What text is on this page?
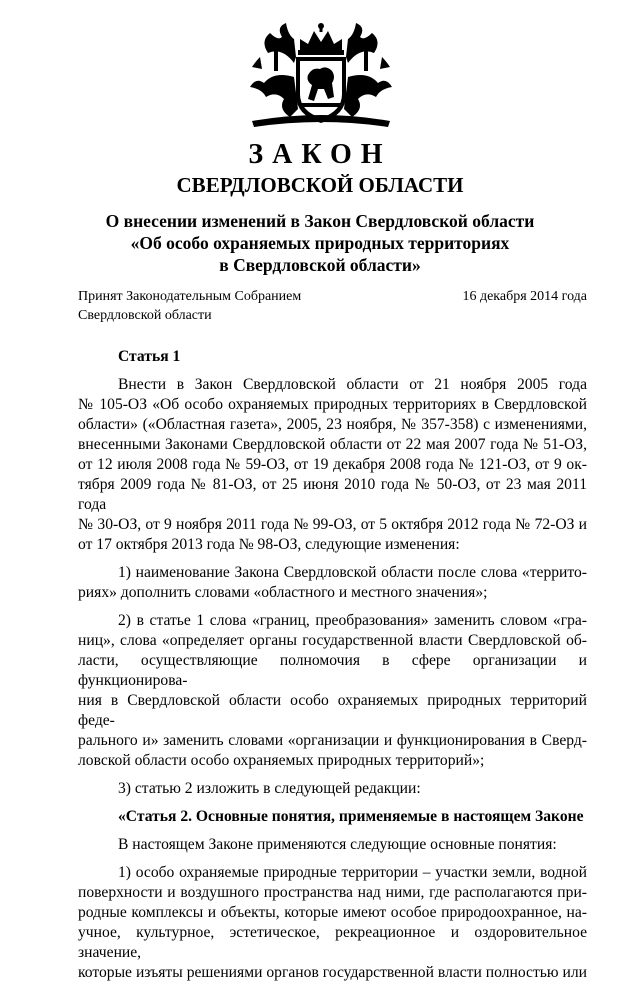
ЗАКОН
СВЕРДЛОВСКОЙ ОБЛАСТИ
О внесении изменений в Закон Свердловской области
«Об особо охраняемых природных территориях
в Свердловской области»
Принят Законодательным Собранием
Свердловской области
16 декабря 2014 года
Статья 1

Внести в Закон Свердловской области от 21 ноября 2005 года
№ 105-ОЗ «Об особо охраняемых природных территориях в Свердловской
области» («Областная газета», 2005, 23 ноября, № 357-358) с изменениями,
внесенными Законами Свердловской области от 22 мая 2007 года № 51-ОЗ,
от 12 июля 2008 года № 59-ОЗ, от 19 декабря 2008 года № 121-ОЗ, от 9 ок-
тября 2009 года № 81-ОЗ, от 25 июня 2010 года № 50-ОЗ, от 23 мая 2011 года
№ 30-ОЗ, от 9 ноября 2011 года № 99-ОЗ, от 5 октября 2012 года № 72-ОЗ и
от 17 октября 2013 года № 98-ОЗ, следующие изменения:

1) наименование Закона Свердловской области после слова «террито-
риях» дополнить словами «областного и местного значения»;

2) в статье 1 слова «границ, преобразования» заменить словом «гра-
ниц», слова «определяет органы государственной власти Свердловской об-
ласти, осуществляющие полномочия в сфере организации и функционирова-
ния в Свердловской области особо охраняемых природных территорий феде-
рального и» заменить словами «организации и функционирования в Сверд-
ловской области особо охраняемых природных территорий»;

3) статью 2 изложить в следующей редакции:

«Статья 2. Основные понятия, применяемые в настоящем Законе

В настоящем Законе применяются следующие основные понятия:

1) особо охраняемые природные территории – участки земли, водной
поверхности и воздушного пространства над ними, где располагаются при-
родные комплексы и объекты, которые имеют особое природоохранное, на-
учное, культурное, эстетическое, рекреационное и оздоровительное значение,
которые изъяты решениями органов государственной власти полностью или
